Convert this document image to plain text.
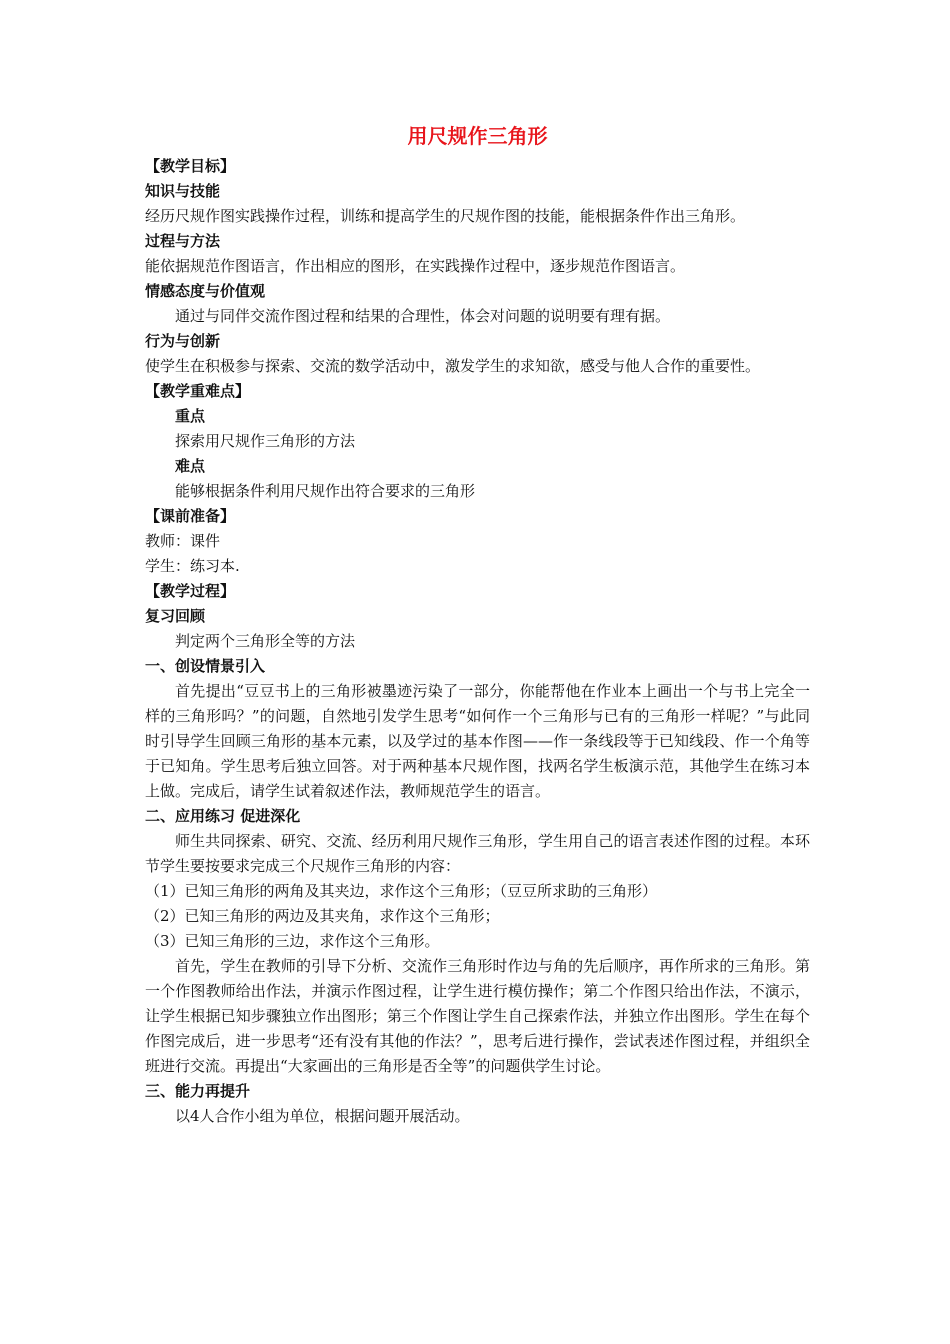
用尺规作三角形
【教学目标】
知识与技能
经历尺规作图实践操作过程，训练和提高学生的尺规作图的技能，能根据条件作出三角形。
过程与方法
能依据规范作图语言，作出相应的图形，在实践操作过程中，逐步规范作图语言。
情感态度与价值观
通过与同伴交流作图过程和结果的合理性，体会对问题的说明要有理有据。
行为与创新
使学生在积极参与探索、交流的数学活动中，激发学生的求知欲，感受与他人合作的重要性。
【教学重难点】
重点
探索用尺规作三角形的方法
难点
能够根据条件利用尺规作出符合要求的三角形
【课前准备】
教师：课件
学生：练习本.
【教学过程】
复习回顾
判定两个三角形全等的方法
一、创设情景引入
首先提出“豆豆书上的三角形被墨迹污染了一部分，你能帮他在作业本上画出一个与书上完全一样的三角形吗？”的问题，自然地引发学生思考“如何作一个三角形与已有的三角形一样呢？”与此同时引导学生回顾三角形的基本元素，以及学过的基本作图——作一条线段等于已知线段、作一个角等于已知角。学生思考后独立回答。对于两种基本尺规作图，找两名学生板演示范，其他学生在练习本上做。完成后，请学生试着叙述作法，教师规范学生的语言。
二、应用练习 促进深化
师生共同探索、研究、交流、经历利用尺规作三角形，学生用自己的语言表述作图的过程。本环节学生要按要求完成三个尺规作三角形的内容：
（1）已知三角形的两角及其夹边，求作这个三角形；（豆豆所求助的三角形）
（2）已知三角形的两边及其夹角，求作这个三角形；
（3）已知三角形的三边，求作这个三角形。
首先，学生在教师的引导下分析、交流作三角形时作边与角的先后顺序，再作所求的三角形。第一个作图教师给出作法，并演示作图过程，让学生进行模仿操作；第二个作图只给出作法，不演示，让学生根据已知步骤独立作出图形；第三个作图让学生自己探索作法，并独立作出图形。学生在每个作图完成后，进一步思考“还有没有其他的作法？”，思考后进行操作，尝试表述作图过程，并组织全班进行交流。再提出“大家画出的三角形是否全等”的问题供学生讨论。
三、能力再提升
以4人合作小组为单位，根据问题开展活动。
